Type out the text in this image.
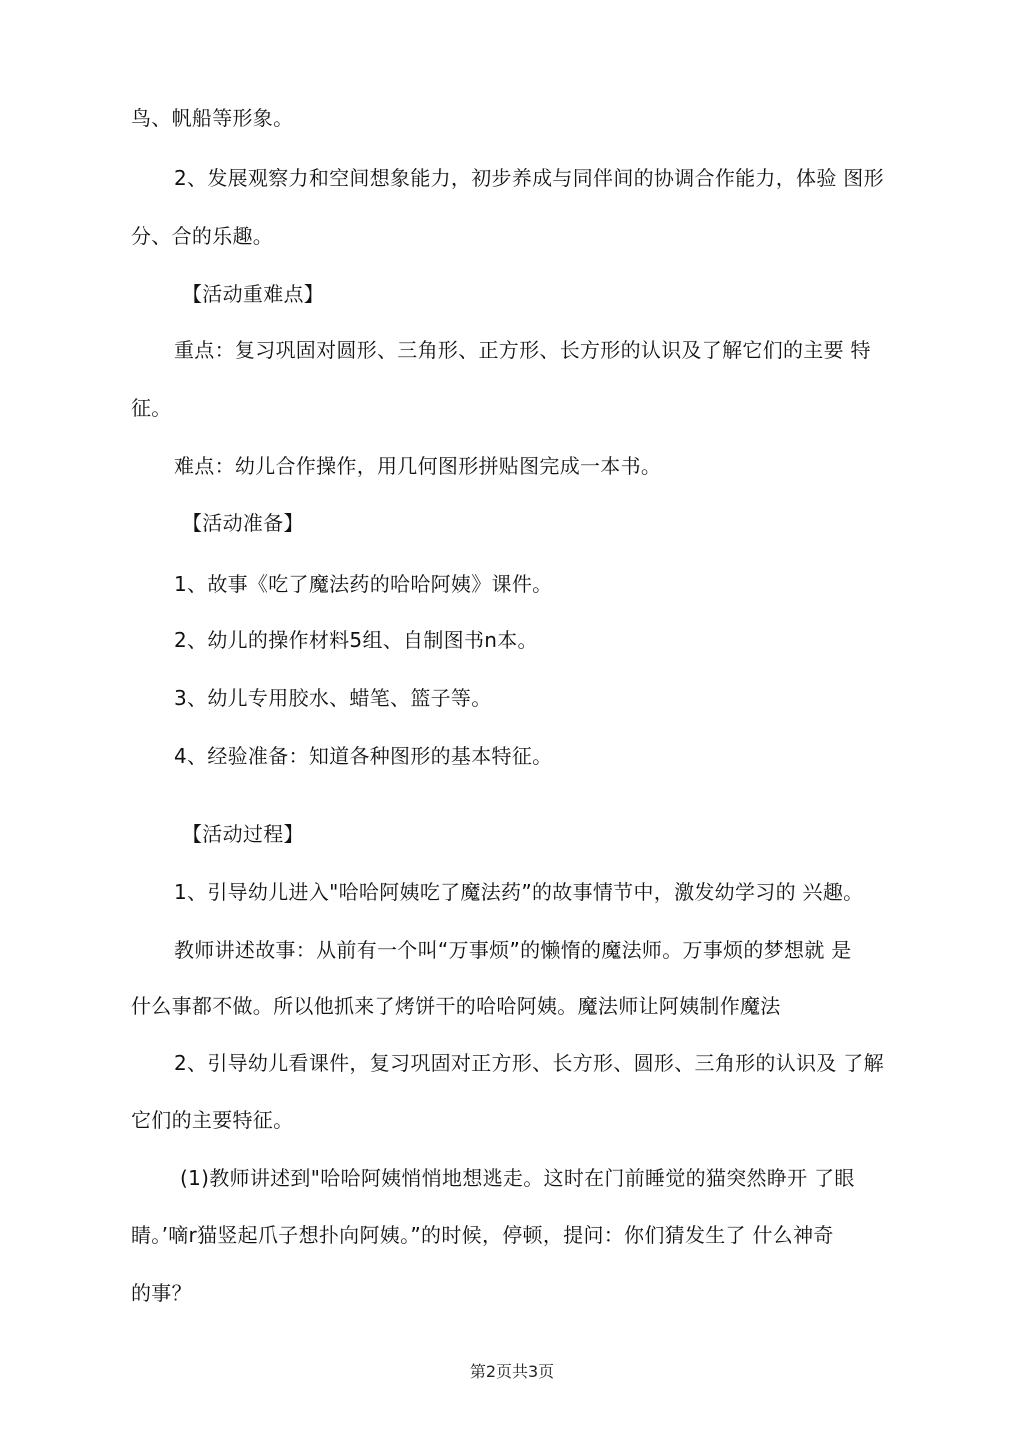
鸟、帆船等形象。
2、发展观察力和空间想象能力，初步养成与同伴间的协调合作能力，体验 图形
分、合的乐趣。
【活动重难点】
重点：复习巩固对圆形、三角形、正方形、长方形的认识及了解它们的主要 特
征。
难点：幼儿合作操作，用几何图形拼贴图完成一本书。
【活动准备】
1、故事《吃了魔法药的哈哈阿姨》课件。
2、幼儿的操作材料5组、自制图书n本。
3、幼儿专用胶水、蜡笔、篮子等。
4、经验准备：知道各种图形的基本特征。
【活动过程】
1、引导幼儿进入"哈哈阿姨吃了魔法药”的故事情节中，激发幼学习的 兴趣。
教师讲述故事：从前有一个叫“万事烦”的懒惰的魔法师。万事烦的梦想就 是
什么事都不做。所以他抓来了烤饼干的哈哈阿姨。魔法师让阿姨制作魔法
2、引导幼儿看课件，复习巩固对正方形、长方形、圆形、三角形的认识及 了解
它们的主要特征。
(1)教师讲述到"哈哈阿姨悄悄地想逃走。这时在门前睡觉的猫突然睁开 了眼
睛。’嘀r猫竖起爪子想扑向阿姨。”的时候，停顿，提问：你们猜发生了 什么神奇
的事？
第2页共3页
